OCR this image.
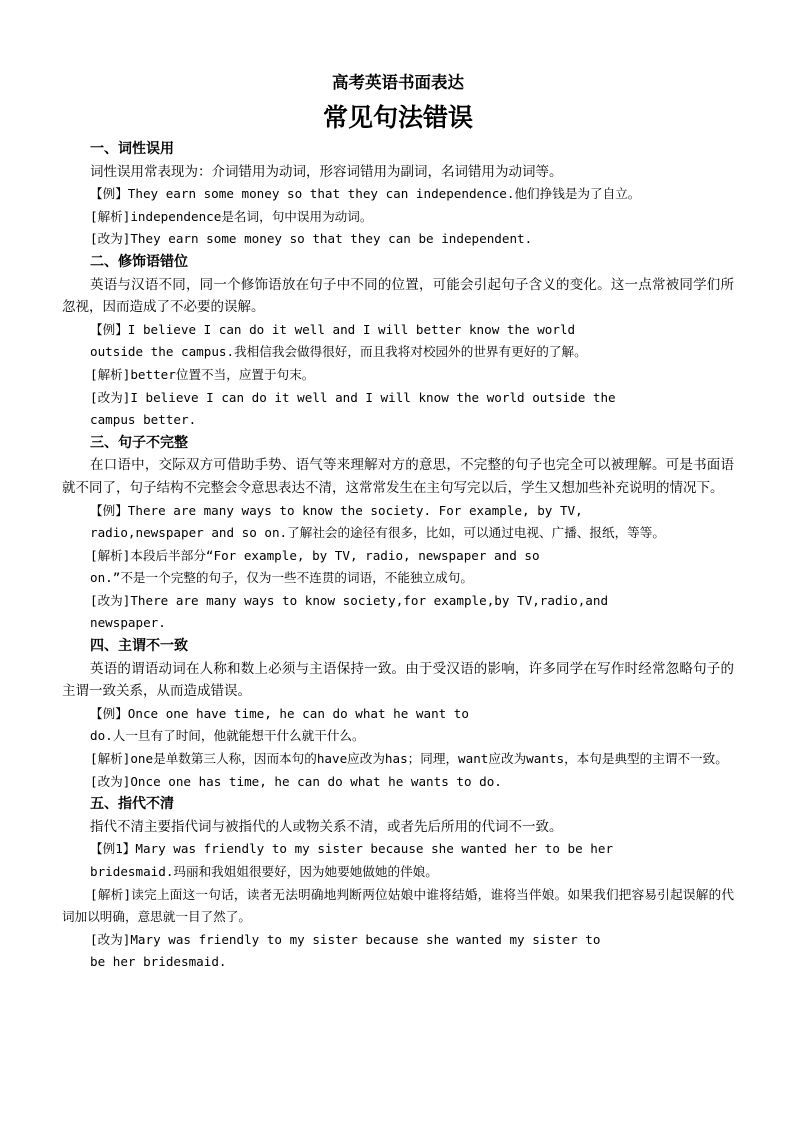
高考英语书面表达
常见句法错误
一、词性误用

词性误用常表现为：介词错用为动词，形容词错用为副词，名词错用为动词等。

【例】They earn some money so that they can independence.他们挣钱是为了自立。
[解析]independence是名词，句中误用为动词。
[改为]They earn some money so that they can be independent.
二、修饰语错位

英语与汉语不同，同一个修饰语放在句子中不同的位置，可能会引起句子含义的变化。这一点常被同学们所忽视，因而造成了不必要的误解。

【例】I believe I can do it well and I will better know the world
outside the campus.我相信我会做得很好，而且我将对校园外的世界有更好的了解。
[解析]better位置不当，应置于句末。
[改为]I believe I can do it well and I will know the world outside the
campus better.
三、句子不完整

在口语中，交际双方可借助手势、语气等来理解对方的意思，不完整的句子也完全可以被理解。可是书面语就不同了，句子结构不完整会令意思表达不清，这常常发生在主句写完以后，学生又想加些补充说明的情况下。

【例】There are many ways to know the society. For example, by TV,

radio,newspaper and so on.了解社会的途径有很多，比如，可以通过电视、广播、报纸，等等。

[解析]本段后半部分“For example, by TV, radio, newspaper and so
on.”不是一个完整的句子，仅为一些不连贯的词语，不能独立成句。
[改为]There are many ways to know society,for example,by TV,radio,and
newspaper.
四、主谓不一致

英语的谓语动词在人称和数上必须与主语保持一致。由于受汉语的影响，许多同学在写作时经常忽略句子的主谓一致关系，从而造成错误。

【例】Once one have time, he can do what he want to
do.人一旦有了时间，他就能想干什么就干什么。

[解析]one是单数第三人称，因而本句的have应改为has；同理，want应改为wants，本句是典型的主谓不一致。

[改为]Once one has time, he can do what he wants to do.
五、指代不清

指代不清主要指代词与被指代的人或物关系不清，或者先后所用的代词不一致。

【例1】Mary was friendly to my sister because she wanted her to be her
bridesmaid.玛丽和我姐姐很要好，因为她要她做她的伴娘。

[解析]读完上面这一句话，读者无法明确地判断两位姑娘中谁将结婚，谁将当伴娘。如果我们把容易引起误解的代词加以明确，意思就一目了然了。

[改为]Mary was friendly to my sister because she wanted my sister to
be her bridesmaid.
